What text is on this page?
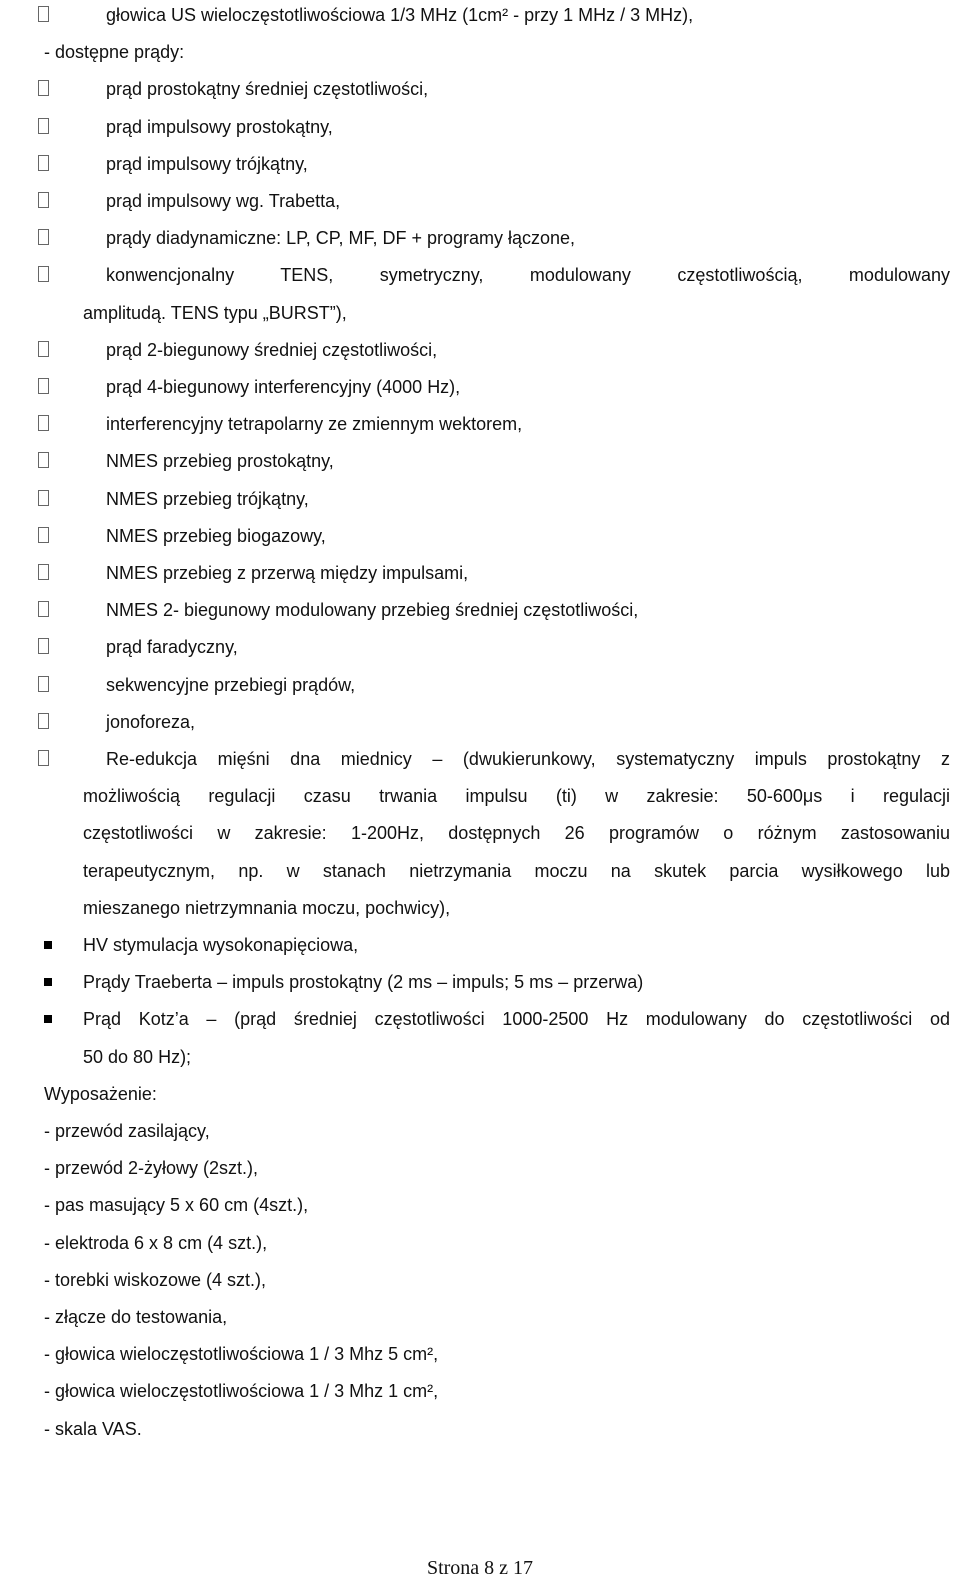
głowica US wieloczęstotliwościowa 1/3 MHz (1cm² - przy 1 MHz / 3 MHz),
- dostępne prądy:
prąd prostokątny średniej częstotliwości,
prąd impulsowy prostokątny,
prąd impulsowy trójkątny,
prąd impulsowy wg. Trabetta,
prądy diadynamiczne: LP, CP, MF, DF + programy łączone,
konwencjonalny TENS, symetryczny, modulowany częstotliwością, modulowany
amplitudą. TENS typu „BURST”),
prąd 2-biegunowy średniej częstotliwości,
prąd 4-biegunowy interferencyjny (4000 Hz),
interferencyjny tetrapolarny ze zmiennym wektorem,
NMES przebieg prostokątny,
NMES przebieg trójkątny,
NMES przebieg biogazowy,
NMES przebieg z przerwą między impulsami,
NMES 2- biegunowy modulowany przebieg średniej częstotliwości,
prąd faradyczny,
sekwencyjne przebiegi prądów,
jonoforeza,
Re-edukcja mięśni dna miednicy – (dwukierunkowy, systematyczny impuls prostokątny z
możliwością regulacji czasu trwania impulsu (ti) w zakresie: 50-600μs i regulacji
częstotliwości w zakresie: 1-200Hz, dostępnych 26 programów o różnym zastosowaniu
terapeutycznym, np. w stanach nietrzymania moczu na skutek parcia wysiłkowego lub
mieszanego nietrzymnania moczu, pochwicy),
HV stymulacja wysokonapięciowa,
Prądy Traeberta – impuls prostokątny (2 ms – impuls; 5 ms – przerwa)
Prąd Kotz’a – (prąd średniej częstotliwości 1000-2500 Hz modulowany do częstotliwości od
50 do 80 Hz);
Wyposażenie:
- przewód zasilający,
- przewód 2-żyłowy (2szt.),
- pas masujący 5 x 60 cm (4szt.),
- elektroda 6 x 8 cm (4 szt.),
- torebki wiskozowe (4 szt.),
- złącze do testowania,
- głowica wieloczęstotliwościowa 1 / 3 Mhz 5 cm²,
- głowica wieloczęstotliwościowa 1 / 3 Mhz 1 cm²,
- skala VAS.
Strona 8 z 17
